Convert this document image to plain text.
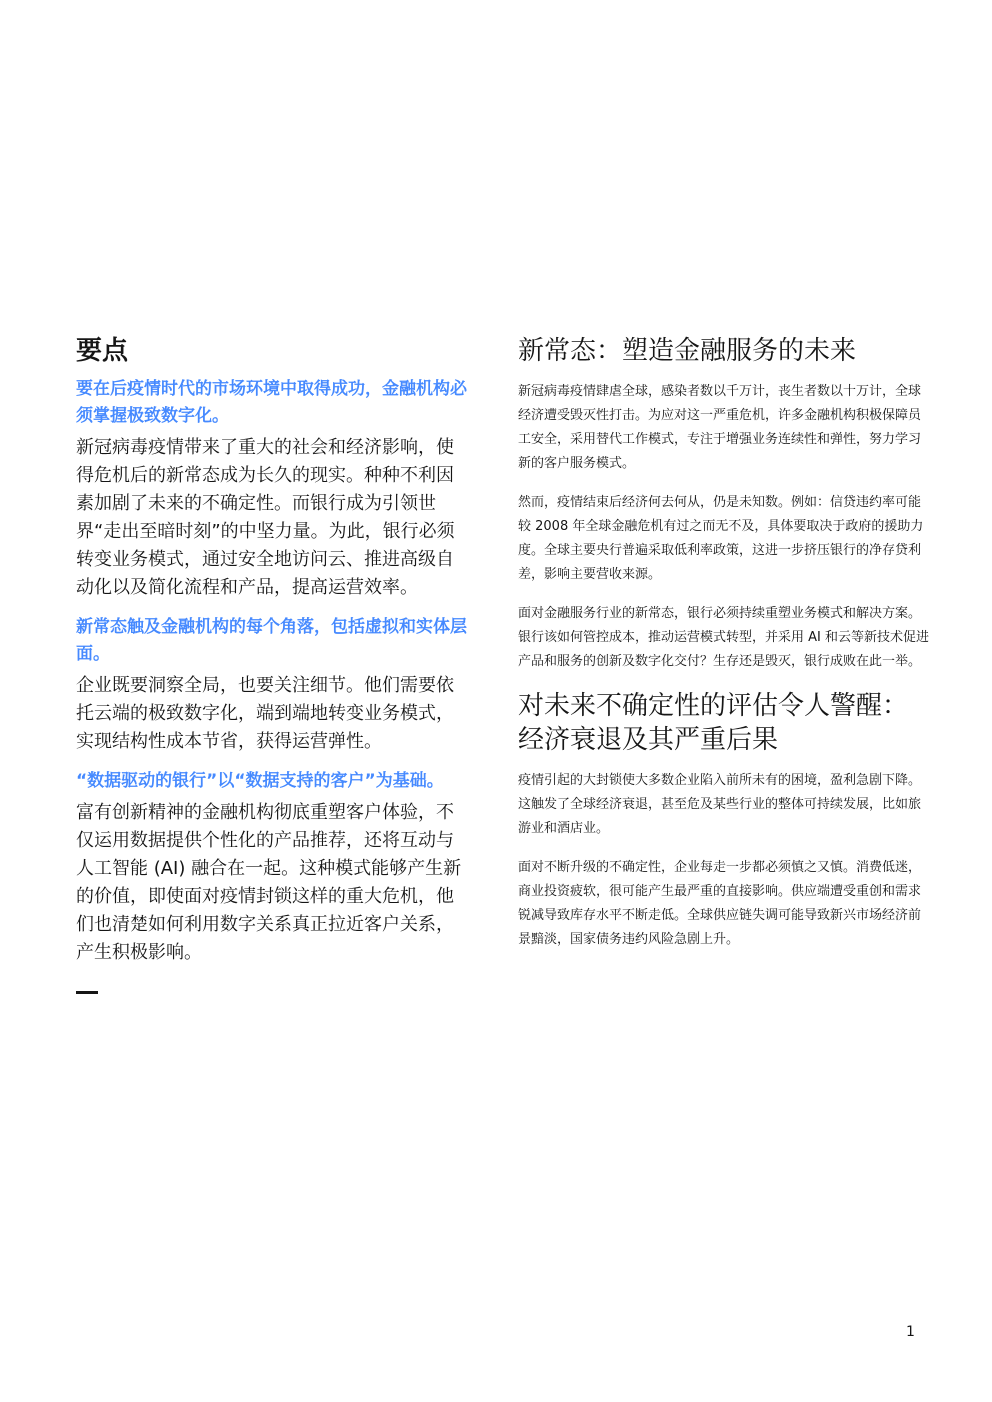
要点
要在后疫情时代的市场环境中取得成功，金融机构必须掌握极致数字化。

新冠病毒疫情带来了重大的社会和经济影响，使得危机后的新常态成为长久的现实。种种不利因素加剧了未来的不确定性。而银行成为引领世界“走出至暗时刻”的中坚力量。为此，银行必须转变业务模式，通过安全地访问云、推进高级自动化以及简化流程和产品，提高运营效率。

新常态触及金融机构的每个角落，包括虚拟和实体层面。

企业既要洞察全局，也要关注细节。他们需要依托云端的极致数字化，端到端地转变业务模式，实现结构性成本节省，获得运营弹性。

“数据驱动的银行”以“数据支持的客户”为基础。

富有创新精神的金融机构彻底重塑客户体验，不仅运用数据提供个性化的产品推荐，还将互动与人工智能 (AI) 融合在一起。这种模式能够产生新的价值，即使面对疫情封锁这样的重大危机，他们也清楚如何利用数字关系真正拉近客户关系，产生积极影响。

新常态：塑造金融服务的未来

新冠病毒疫情肆虐全球，感染者数以千万计，丧生者数以十万计，全球经济遭受毁灭性打击。为应对这一严重危机，许多金融机构积极保障员工安全，采用替代工作模式，专注于增强业务连续性和弹性，努力学习新的客户服务模式。

然而，疫情结束后经济何去何从，仍是未知数。例如：信贷违约率可能较 2008 年全球金融危机有过之而无不及，具体要取决于政府的援助力度。全球主要央行普遍采取低利率政策，这进一步挤压银行的净存贷利差，影响主要营收来源。

面对金融服务行业的新常态，银行必须持续重塑业务模式和解决方案。银行该如何管控成本，推动运营模式转型，并采用 AI 和云等新技术促进产品和服务的创新及数字化交付？生存还是毁灭，银行成败在此一举。

对未来不确定性的评估令人警醒：经济衰退及其严重后果

疫情引起的大封锁使大多数企业陷入前所未有的困境，盈利急剧下降。这触发了全球经济衰退，甚至危及某些行业的整体可持续发展，比如旅游业和酒店业。

面对不断升级的不确定性，企业每走一步都必须慎之又慎。消费低迷，商业投资疲软，很可能产生最严重的直接影响。供应端遭受重创和需求锐减导致库存水平不断走低。全球供应链失调可能导致新兴市场经济前景黯淡，国家债务违约风险急剧上升。

1
